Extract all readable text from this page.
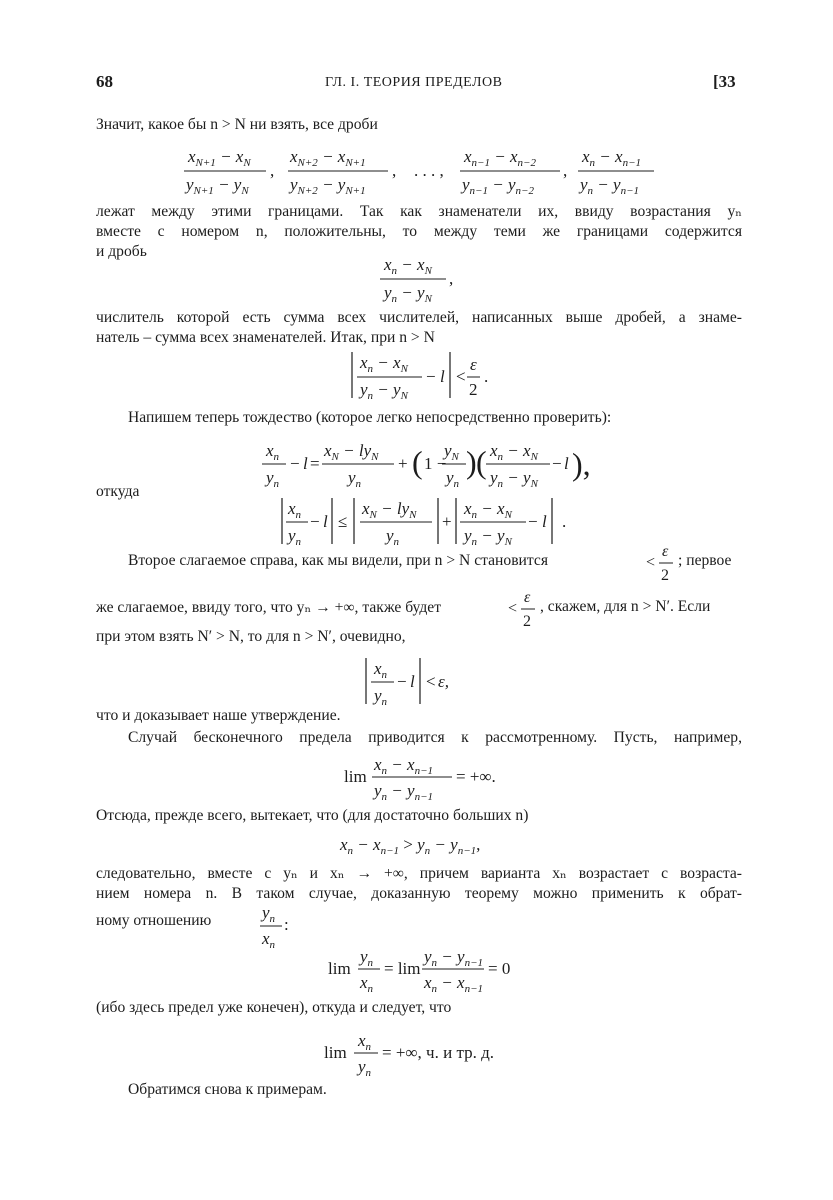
68	ГЛ. I. ТЕОРИЯ ПРЕДЕЛОВ	[33
Значит, какое бы n > N ни взять, все дроби
$x_{N+1} - x_N$
$y_{N+1} - y_N$
,
$x_{N+2} - x_{N+1}$
$y_{N+2} - y_{N+1}$
, . . . ,
$x_{n-1} - x_{n-2}$
$y_{n-1} - y_{n-2}$
,
$x_n - x_{n-1}$
$y_n - y_{n-1}$
лежат между этими границами. Так как знаменатели их, ввиду возрастания yₙ
вместе с номером n, положительны, то между теми же границами содержится
и дробь
$x_n - x_N$
$y_n - y_N$
,
числитель которой есть сумма всех числителей, написанных выше дробей, а знаме-
натель – сумма всех знаменателей. Итак, при n > N
$x_n - x_N$
$y_n - y_N$
− l <
ε
2
.
Напишем теперь тождество (которое легко непосредственно проверить):
$x_n$
$y_n$
− l =
$x_N - ly_N$
$y_n$
+ ( 1 −
$y_N$
$y_n$
) ( $x_n - x_N$
$y_n - y_N$
− l ),
откуда
$x_n$
$y_n$
− l ≤
$x_N - ly_N$
$y_n$
+
$x_n - x_N$
$y_n - y_N$
− l .
Второе слагаемое справа, как мы видели, при n > N становится	<
ε
2
; первое
же слагаемое, ввиду того, что yₙ → +∞, также будет	<
ε
2
, скажем, для n > N′. Если
при этом взять N′ > N, то для n > N′, очевидно,
$x_n$
$y_n$
− l < ε,
что и доказывает наше утверждение.
Случай бесконечного предела приводится к рассмотренному. Пусть, например,
lim
$x_n - x_{n-1}$
$y_n - y_{n-1}$
= +∞.
Отсюда, прежде всего, вытекает, что (для достаточно больших n)
$x_n - x_{n-1} > y_n - y_{n-1}$,
следовательно, вместе с yₙ и xₙ → +∞, причем варианта xₙ возрастает с возраста-
нием номера n. В таком случае, доказанную теорему можно применить к обрат-
ному отношению	$y_n$
$x_n$
:
lim
$y_n$
$x_n$
= lim
$y_n - y_{n-1}$
$x_n - x_{n-1}$
= 0
(ибо здесь предел уже конечен), откуда и следует, что
lim
$x_n$
$y_n$
= +∞, ч. и тр. д.
Обратимся снова к примерам.
